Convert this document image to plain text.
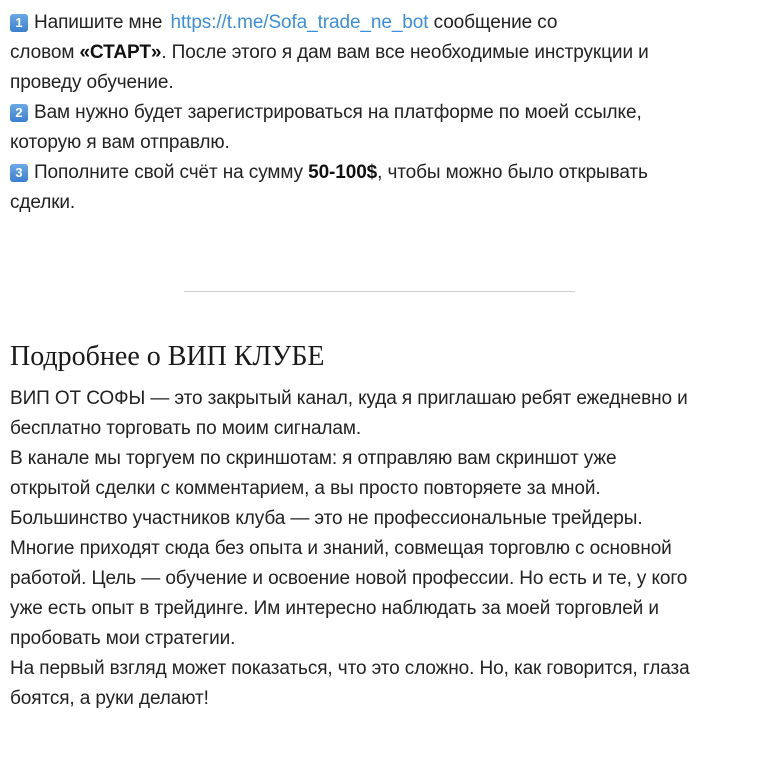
1 Напишите мне https://t.me/Sofa_trade_ne_bot сообщение со
словом «СТАРТ». После этого я дам вам все необходимые инструкции и
проведу обучение.

2 Вам нужно будет зарегистрироваться на платформе по моей ссылке,
которую я вам отправлю.

3 Пополните свой счёт на сумму 50-100$, чтобы можно было открывать
сделки.

Подробнее о ВИП КЛУБЕ

ВИП ОТ СОФЫ — это закрытый канал, куда я приглашаю ребят ежедневно и
бесплатно торговать по моим сигналам.

В канале мы торгуем по скриншотам: я отправляю вам скриншот уже
открытой сделки с комментарием, а вы просто повторяете за мной.
Большинство участников клуба — это не профессиональные трейдеры.
Многие приходят сюда без опыта и знаний, совмещая торговлю с основной
работой. Цель — обучение и освоение новой профессии. Но есть и те, у кого
уже есть опыт в трейдинге. Им интересно наблюдать за моей торговлей и
пробовать мои стратегии.

На первый взгляд может показаться, что это сложно. Но, как говорится, глаза
боятся, а руки делают!
